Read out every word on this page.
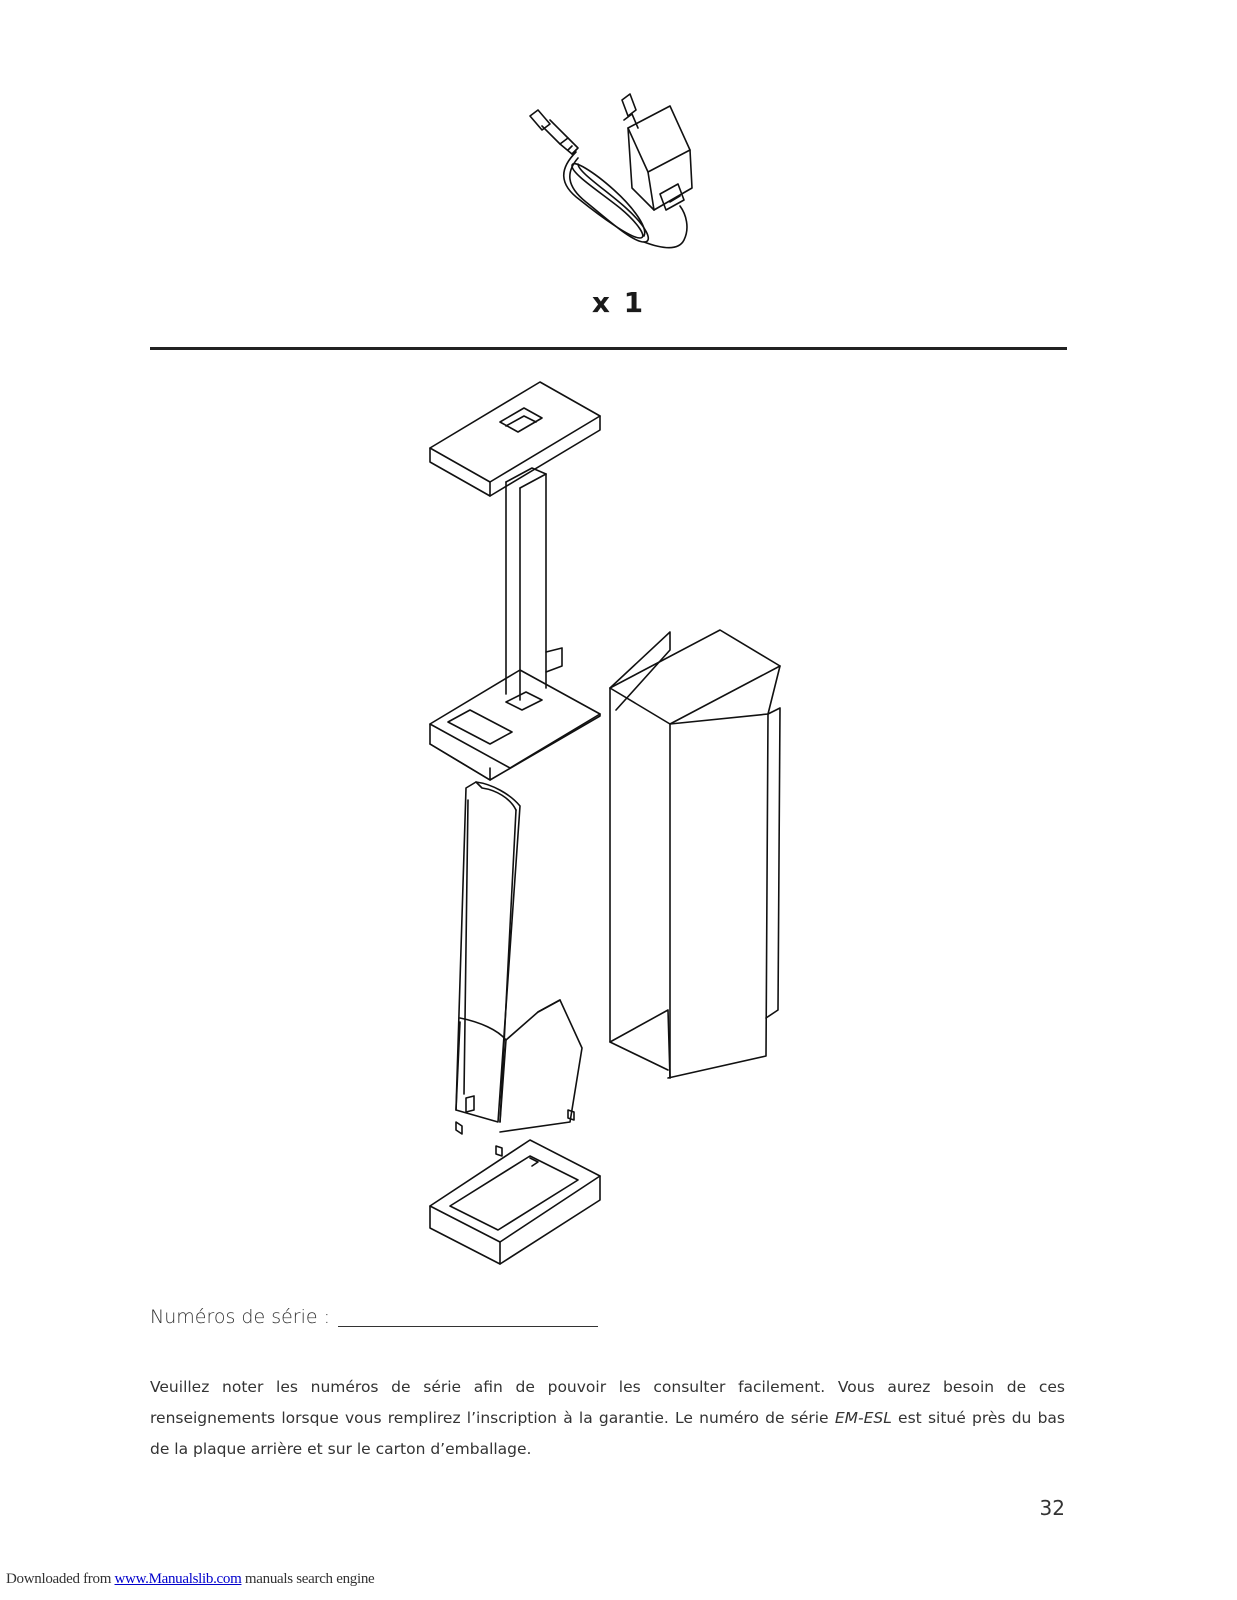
x 1
Numéros de série :
Veuillez noter les numéros de série afin de pouvoir les consulter facilement. Vous aurez besoin de ces renseignements lorsque vous remplirez l’inscription à la garantie. Le numéro de série EM-ESL est situé près du bas de la plaque arrière et sur le carton d’emballage.
32
Downloaded from www.Manualslib.com manuals search engine
